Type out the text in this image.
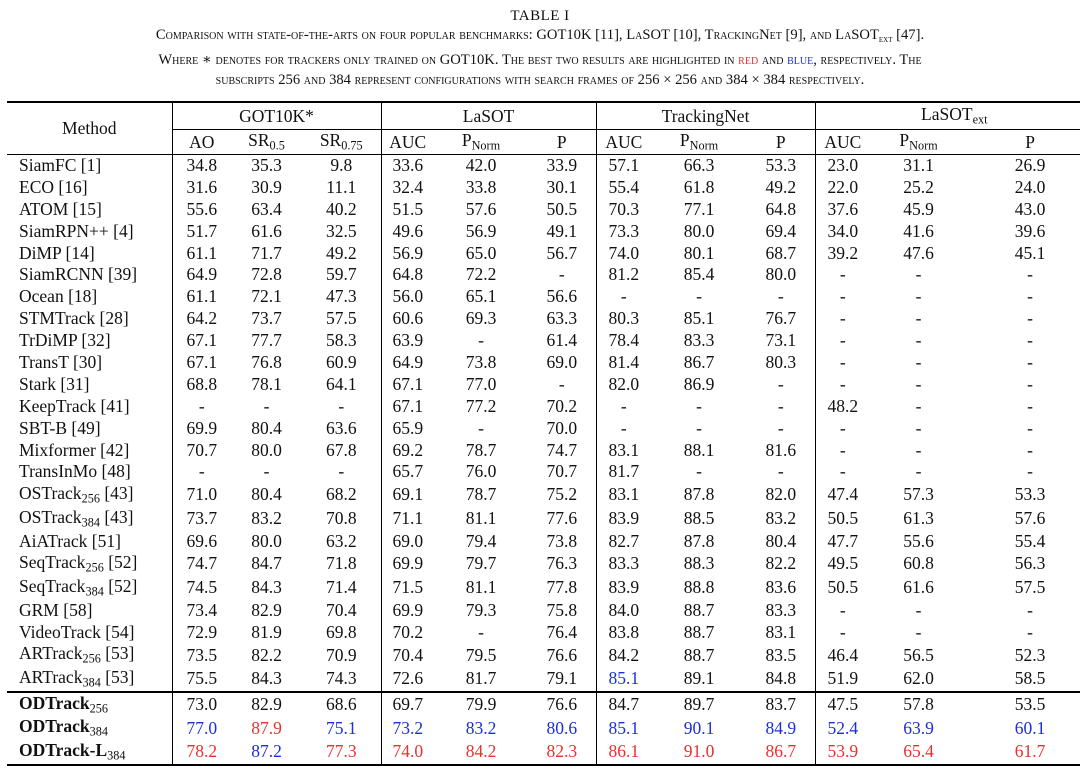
TABLE I
Comparison with state-of-the-arts on four popular benchmarks: GOT10K [11], LaSOT [10], TrackingNet [9], and LaSOT$_{ext}$ [47].
Where ∗ denotes for trackers only trained on GOT10K. The best two results are highlighted in red and blue, respectively. The
subscripts 256 and 384 represent configurations with search frames of 256 × 256 and 384 × 384 respectively.
Method	GOT10K*			LaSOT			TrackingNet			LaSOT$_{ext}$
	AO	$SR_{0.5}$	$SR_{0.75}$	AUC	$P_{Norm}$	P	AUC	$P_{Norm}$	P	AUC	$P_{Norm}$	P
SiamFC [1]	34.8	35.3	9.8	33.6	42.0	33.9	57.1	66.3	53.3	23.0	31.1	26.9
ECO [16]	31.6	30.9	11.1	32.4	33.8	30.1	55.4	61.8	49.2	22.0	25.2	24.0
ATOM [15]	55.6	63.4	40.2	51.5	57.6	50.5	70.3	77.1	64.8	37.6	45.9	43.0
SiamRPN++ [4]	51.7	61.6	32.5	49.6	56.9	49.1	73.3	80.0	69.4	34.0	41.6	39.6
DiMP [14]	61.1	71.7	49.2	56.9	65.0	56.7	74.0	80.1	68.7	39.2	47.6	45.1
SiamRCNN [39]	64.9	72.8	59.7	64.8	72.2	-	81.2	85.4	80.0	-	-	-
Ocean [18]	61.1	72.1	47.3	56.0	65.1	56.6	-	-	-	-	-	-
STMTrack [28]	64.2	73.7	57.5	60.6	69.3	63.3	80.3	85.1	76.7	-	-	-
TrDiMP [32]	67.1	77.7	58.3	63.9	-	61.4	78.4	83.3	73.1	-	-	-
TransT [30]	67.1	76.8	60.9	64.9	73.8	69.0	81.4	86.7	80.3	-	-	-
Stark [31]	68.8	78.1	64.1	67.1	77.0	-	82.0	86.9	-	-	-	-
KeepTrack [41]	-	-	-	67.1	77.2	70.2	-	-	-	48.2	-	-
SBT-B [49]	69.9	80.4	63.6	65.9	-	70.0	-	-	-	-	-	-
Mixformer [42]	70.7	80.0	67.8	69.2	78.7	74.7	83.1	88.1	81.6	-	-	-
TransInMo [48]	-	-	-	65.7	76.0	70.7	81.7	-	-	-	-	-
OSTrack$_{256}$ [43]	71.0	80.4	68.2	69.1	78.7	75.2	83.1	87.8	82.0	47.4	57.3	53.3
OSTrack$_{384}$ [43]	73.7	83.2	70.8	71.1	81.1	77.6	83.9	88.5	83.2	50.5	61.3	57.6
AiATrack [51]	69.6	80.0	63.2	69.0	79.4	73.8	82.7	87.8	80.4	47.7	55.6	55.4
SeqTrack$_{256}$ [52]	74.7	84.7	71.8	69.9	79.7	76.3	83.3	88.3	82.2	49.5	60.8	56.3
SeqTrack$_{384}$ [52]	74.5	84.3	71.4	71.5	81.1	77.8	83.9	88.8	83.6	50.5	61.6	57.5
GRM [58]	73.4	82.9	70.4	69.9	79.3	75.8	84.0	88.7	83.3	-	-	-
VideoTrack [54]	72.9	81.9	69.8	70.2	-	76.4	83.8	88.7	83.1	-	-	-
ARTrack$_{256}$ [53]	73.5	82.2	70.9	70.4	79.5	76.6	84.2	88.7	83.5	46.4	56.5	52.3
ARTrack$_{384}$ [53]	75.5	84.3	74.3	72.6	81.7	79.1	85.1	89.1	84.8	51.9	62.0	58.5
ODTrack$_{256}$	73.0	82.9	68.6	69.7	79.9	76.6	84.7	89.7	83.7	47.5	57.8	53.5
ODTrack$_{384}$	77.0	87.9	75.1	73.2	83.2	80.6	85.1	90.1	84.9	52.4	63.9	60.1
ODTrack-$L_{384}$	78.2	87.2	77.3	74.0	84.2	82.3	86.1	91.0	86.7	53.9	65.4	61.7
